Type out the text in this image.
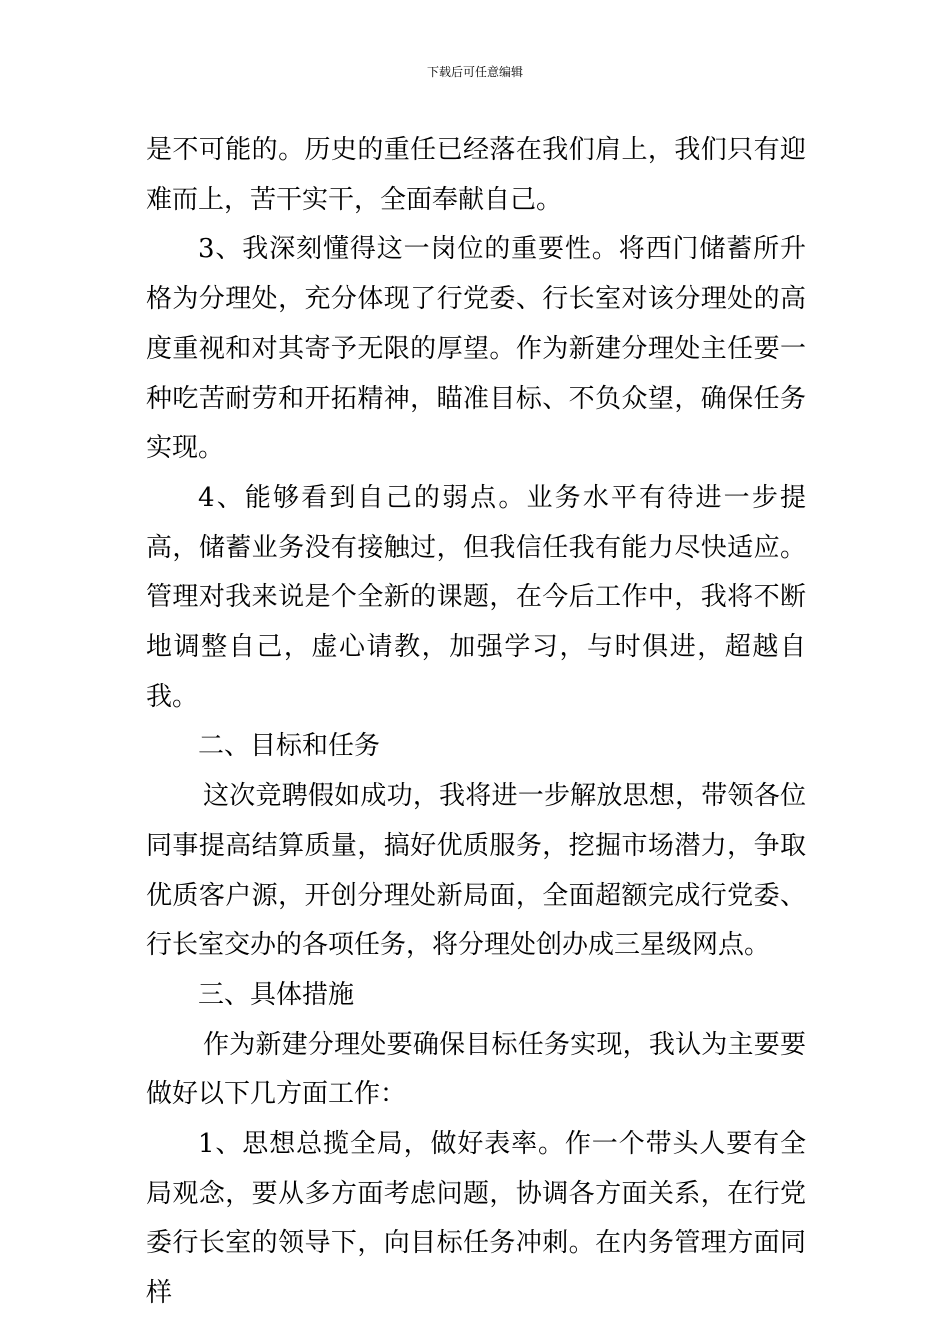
下载后可任意编辑

是不可能的。历史的重任已经落在我们肩上，我们只有迎难而上，苦干实干，全面奉献自己。

3、我深刻懂得这一岗位的重要性。将西门储蓄所升格为分理处，充分体现了行党委、行长室对该分理处的高度重视和对其寄予无限的厚望。作为新建分理处主任要一种吃苦耐劳和开拓精神，瞄准目标、不负众望，确保任务实现。

4、能够看到自己的弱点。业务水平有待进一步提高，储蓄业务没有接触过，但我信任我有能力尽快适应。管理对我来说是个全新的课题，在今后工作中，我将不断地调整自己，虚心请教，加强学习，与时俱进，超越自我。

二、目标和任务

这次竞聘假如成功，我将进一步解放思想，带领各位同事提高结算质量，搞好优质服务，挖掘市场潜力，争取优质客户源，开创分理处新局面，全面超额完成行党委、行长室交办的各项任务，将分理处创办成三星级网点。

三、具体措施

作为新建分理处要确保目标任务实现，我认为主要要做好以下几方面工作：

1、思想总揽全局，做好表率。作一个带头人要有全局观念，要从多方面考虑问题，协调各方面关系，在行党委行长室的领导下，向目标任务冲刺。在内务管理方面同样
